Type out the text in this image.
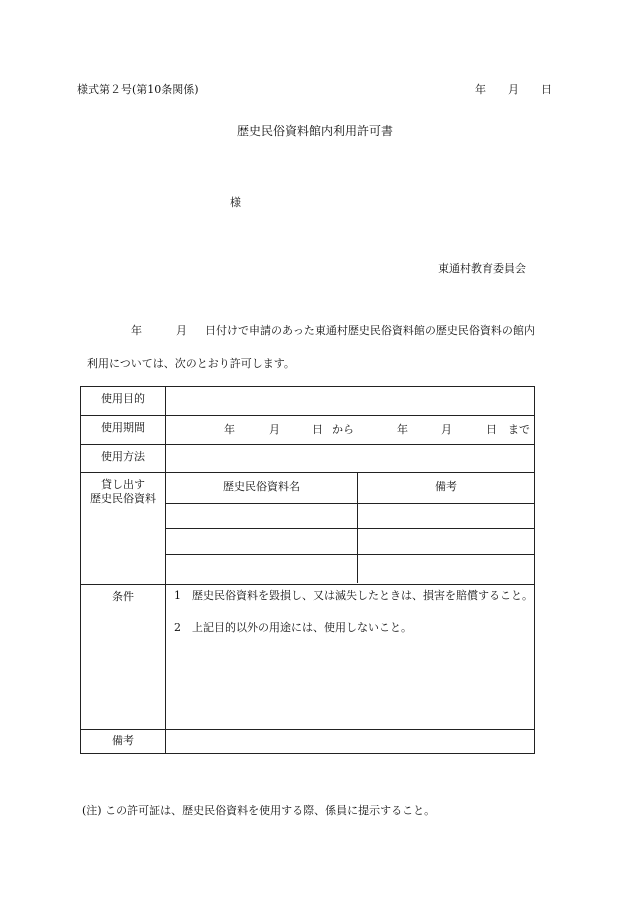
様式第２号(第10条関係)	年 月 日
歴史民俗資料館内利用許可書
様
東通村教育委員会
年	月 日付けで申請のあった東通村歴史民俗資料館の歴史民俗資料の館内
利用については、次のとおり許可します。
使用目的

使用期間	年	月	日 から	年	月	日 まで

使用方法

貸し出す
歴史民俗資料

歴史民俗資料名	備考

条件	1　歴史民俗資料を毀損し、又は滅失したときは、損害を賠償すること。

2　上記目的以外の用途には、使用しないこと。

備考

(注) この許可証は、歴史民俗資料を使用する際、係員に提示すること。
